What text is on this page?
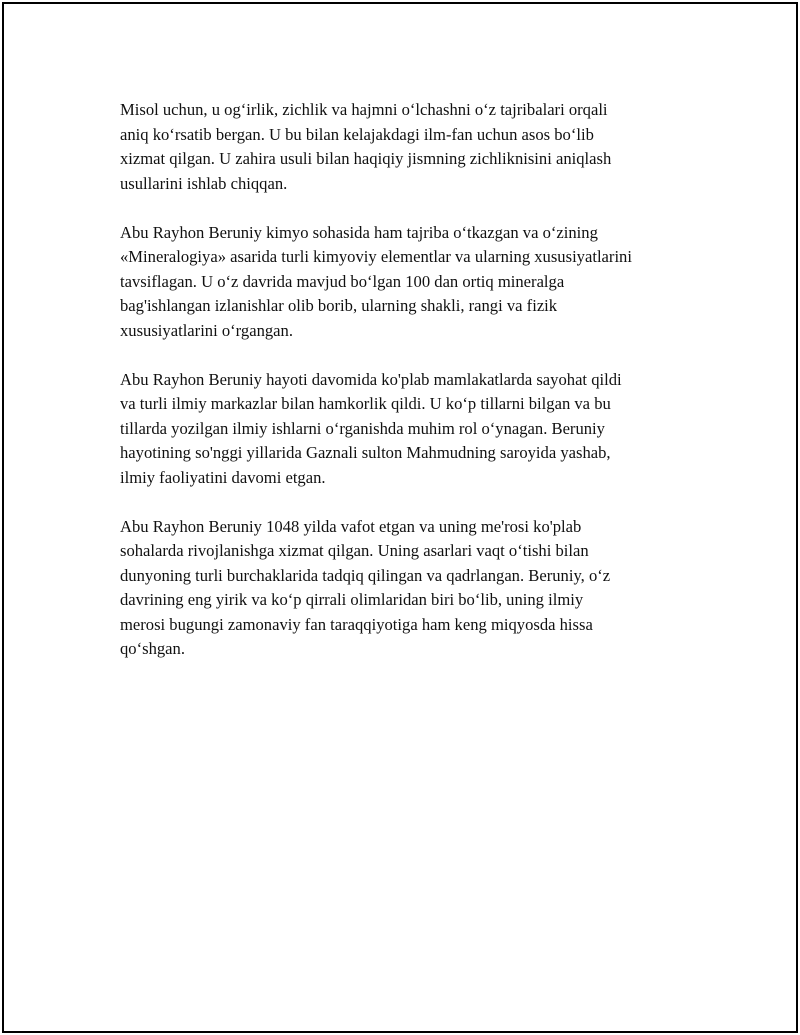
Misol uchun, u og‘irlik, zichlik va hajmni o‘lchashni o‘z tajribalari orqali
aniq ko‘rsatib bergan. U bu bilan kelajakdagi ilm-fan uchun asos bo‘lib
xizmat qilgan. U zahira usuli bilan haqiqiy jismning zichliknisini aniqlash
usullarini ishlab chiqqan.

Abu Rayhon Beruniy kimyo sohasida ham tajriba o‘tkazgan va o‘zining
«Mineralogiya» asarida turli kimyoviy elementlar va ularning xususiyatlarini
tavsiflagan. U o‘z davrida mavjud bo‘lgan 100 dan ortiq mineralga
bag'ishlangan izlanishlar olib borib, ularning shakli, rangi va fizik
xususiyatlarini o‘rgangan.

Abu Rayhon Beruniy hayoti davomida ko'plab mamlakatlarda sayohat qildi
va turli ilmiy markazlar bilan hamkorlik qildi. U ko‘p tillarni bilgan va bu
tillarda yozilgan ilmiy ishlarni o‘rganishda muhim rol o‘ynagan. Beruniy
hayotining so'nggi yillarida Gaznali sulton Mahmudning saroyida yashab,
ilmiy faoliyatini davomi etgan.

Abu Rayhon Beruniy 1048 yilda vafot etgan va uning me'rosi ko'plab
sohalarda rivojlanishga xizmat qilgan. Uning asarlari vaqt o‘tishi bilan
dunyoning turli burchaklarida tadqiq qilingan va qadrlangan. Beruniy, o‘z
davrining eng yirik va ko‘p qirrali olimlaridan biri bo‘lib, uning ilmiy
merosi bugungi zamonaviy fan taraqqiyotiga ham keng miqyosda hissa
qo‘shgan.
